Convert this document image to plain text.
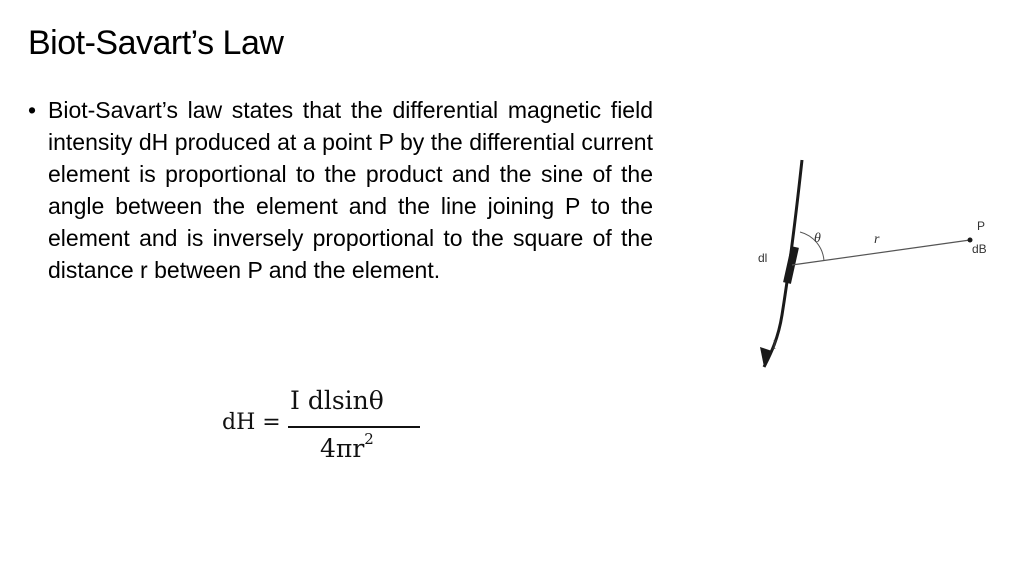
Biot-Savart’s Law
• Biot-Savart’s law states that the differential magnetic field intensity dH produced at a point P by the differential current element is proportional to the product and the sine of the angle between the element and the line joining P to the element and is inversely proportional to the square of the distance r between P and the element.
dH =
I dlsinθ
$4\pi r^2$
dl
θ	r
P
dB
I
